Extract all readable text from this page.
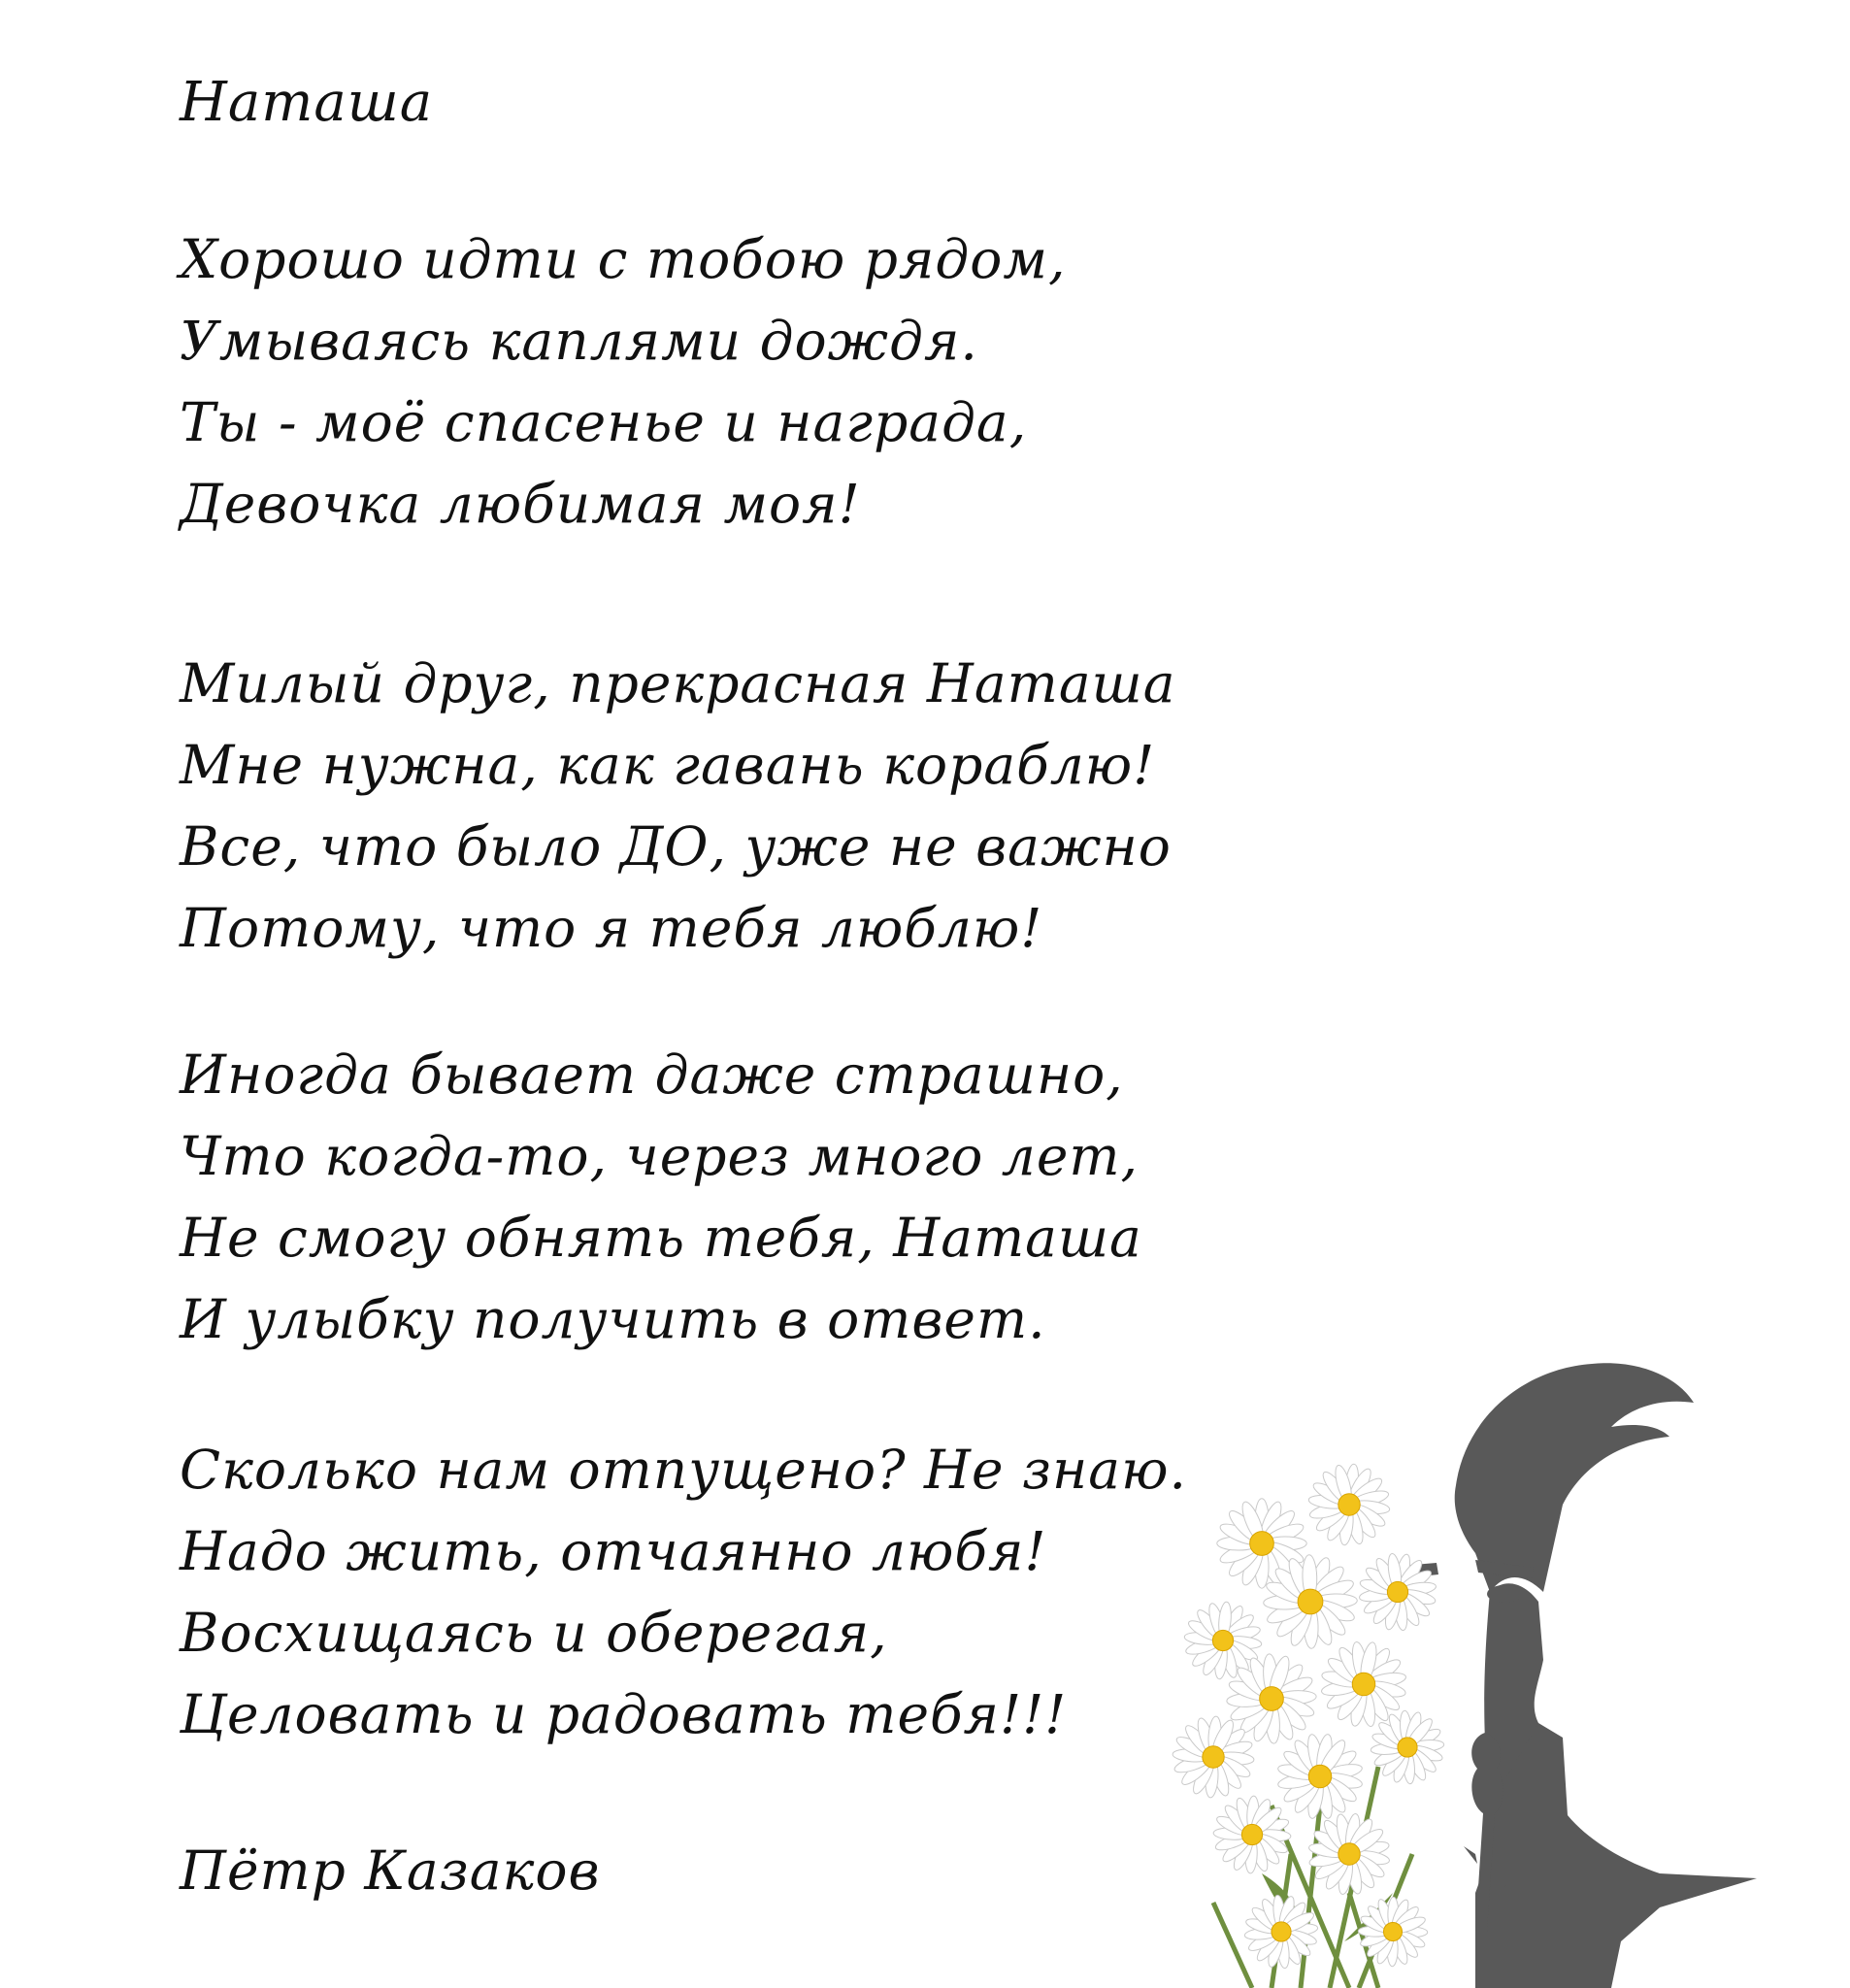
Наташа
Хорошо идти с тобою рядом,
Умываясь каплями дождя.
Ты - моё спасенье и награда,
Девочка любимая моя!
Милый друг, прекрасная Наташа
Мне нужна, как гавань кораблю!
Все, что было ДО, уже не важно
Потому, что я тебя люблю!
Иногда бывает даже страшно,
Что когда-то, через много лет,
Не смогу обнять тебя, Наташа
И улыбку получить в ответ.
Сколько нам отпущено? Не знаю.
Надо жить, отчаянно любя!
Восхищаясь и оберегая,
Целовать и радовать тебя!!!
Пётр Казаков
